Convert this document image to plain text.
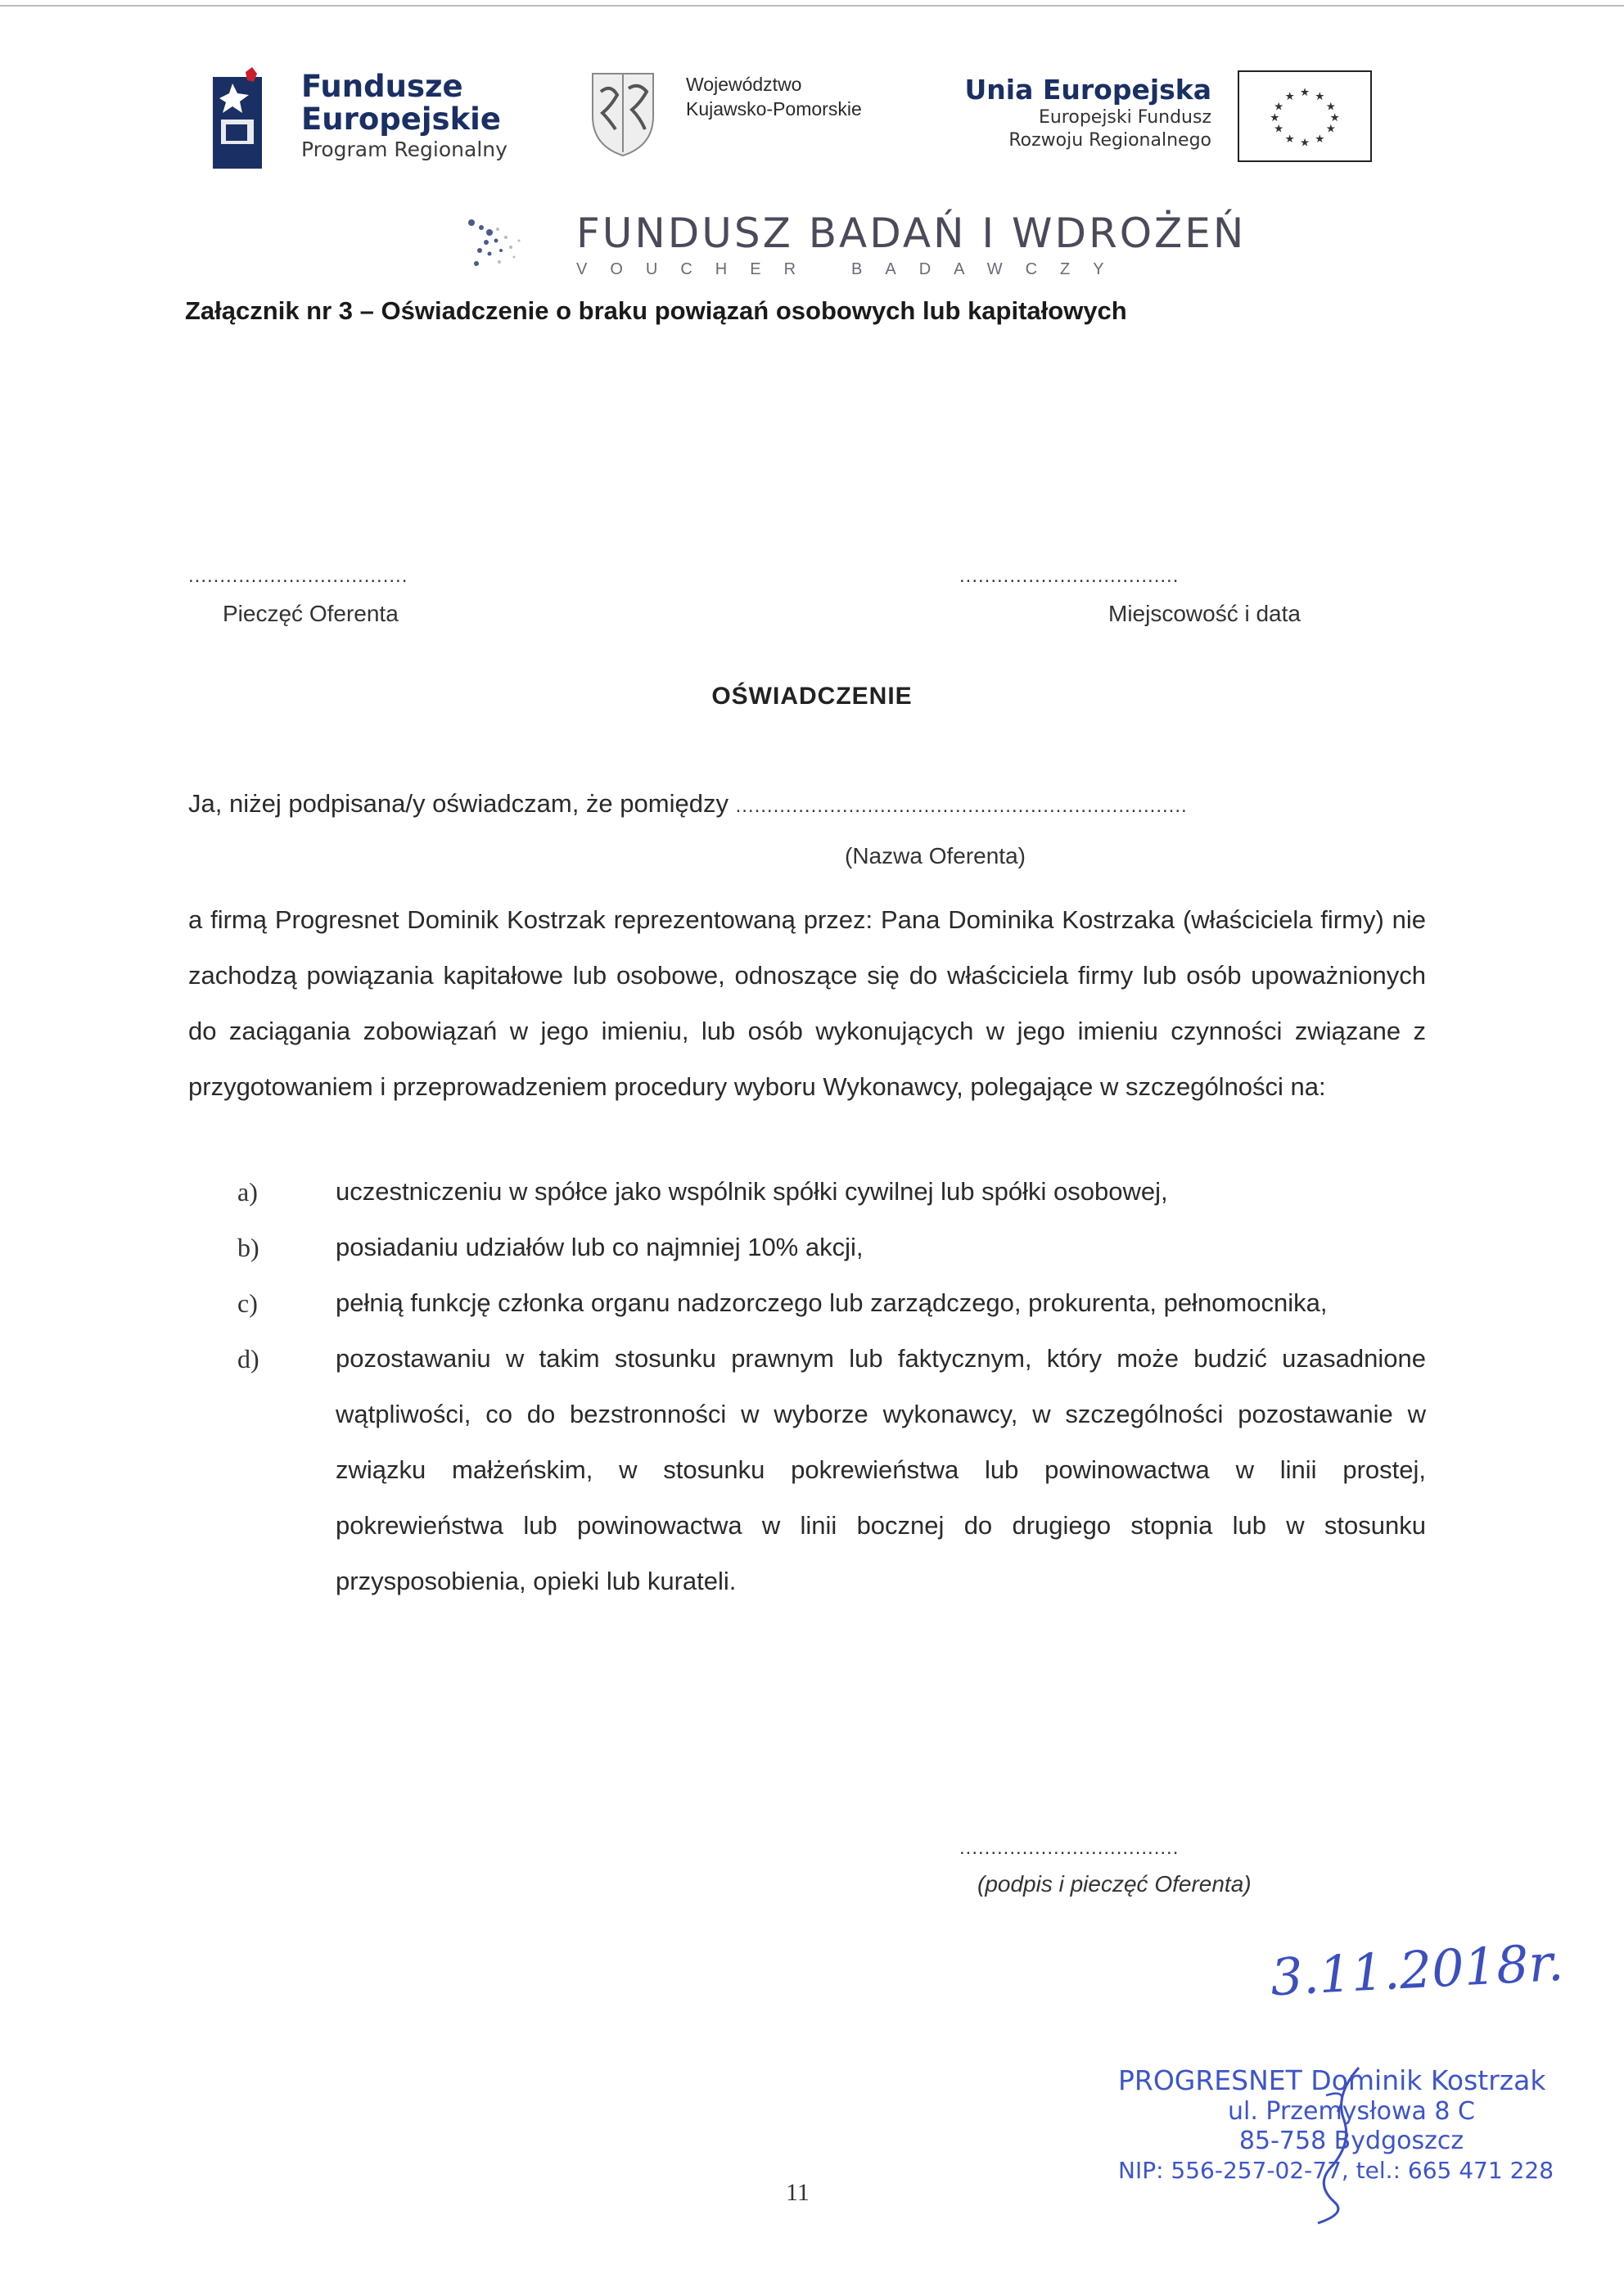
Fundusze
Europejskie
Program Regionalny
Województwo
Kujawsko-Pomorskie
Unia Europejska
Europejski Fundusz
Rozwoju Regionalnego
★ ★
★
★
★
★
★
★
★
★
★
★
FUNDUSZ BADAŃ I WDROŻEŃ
VOUCHER BADAWCZY
Załącznik nr 3 – Oświadczenie o braku powiązań osobowych lub kapitałowych
...................................	...................................
Pieczęć Oferenta	Miejscowość i data
OŚWIADCZENIE
Ja, niżej podpisana/y oświadczam, że pomiędzy ........................................................................
(Nazwa Oferenta)
a firmą Progresnet Dominik Kostrzak reprezentowaną przez: Pana Dominika Kostrzaka (właściciela firmy) nie zachodzą powiązania kapitałowe lub osobowe, odnoszące się do właściciela firmy lub osób upoważnionych do zaciągania zobowiązań w jego imieniu, lub osób wykonujących w jego imieniu czynności związane z przygotowaniem i przeprowadzeniem procedury wyboru Wykonawcy, polegające w szczególności na:
a)	uczestniczeniu w spółce jako wspólnik spółki cywilnej lub spółki osobowej,
b)	posiadaniu udziałów lub co najmniej 10% akcji,
c)	pełnią funkcję członka organu nadzorczego lub zarządczego, prokurenta, pełnomocnika,
d)	pozostawaniu w takim stosunku prawnym lub faktycznym, który może budzić uzasadnione wątpliwości, co do bezstronności w wyborze wykonawcy, w szczególności pozostawanie w związku małżeńskim, w stosunku pokrewieństwa lub powinowactwa w linii prostej, pokrewieństwa lub powinowactwa w linii bocznej do drugiego stopnia lub w stosunku przysposobienia, opieki lub kurateli.
...................................
(podpis i pieczęć Oferenta)
3.11.2018r.
PROGRESNET Dominik Kostrzak
ul. Przemysłowa 8 C
85-758 Bydgoszcz
NIP: 556-257-02-77, tel.: 665 471 228
11
